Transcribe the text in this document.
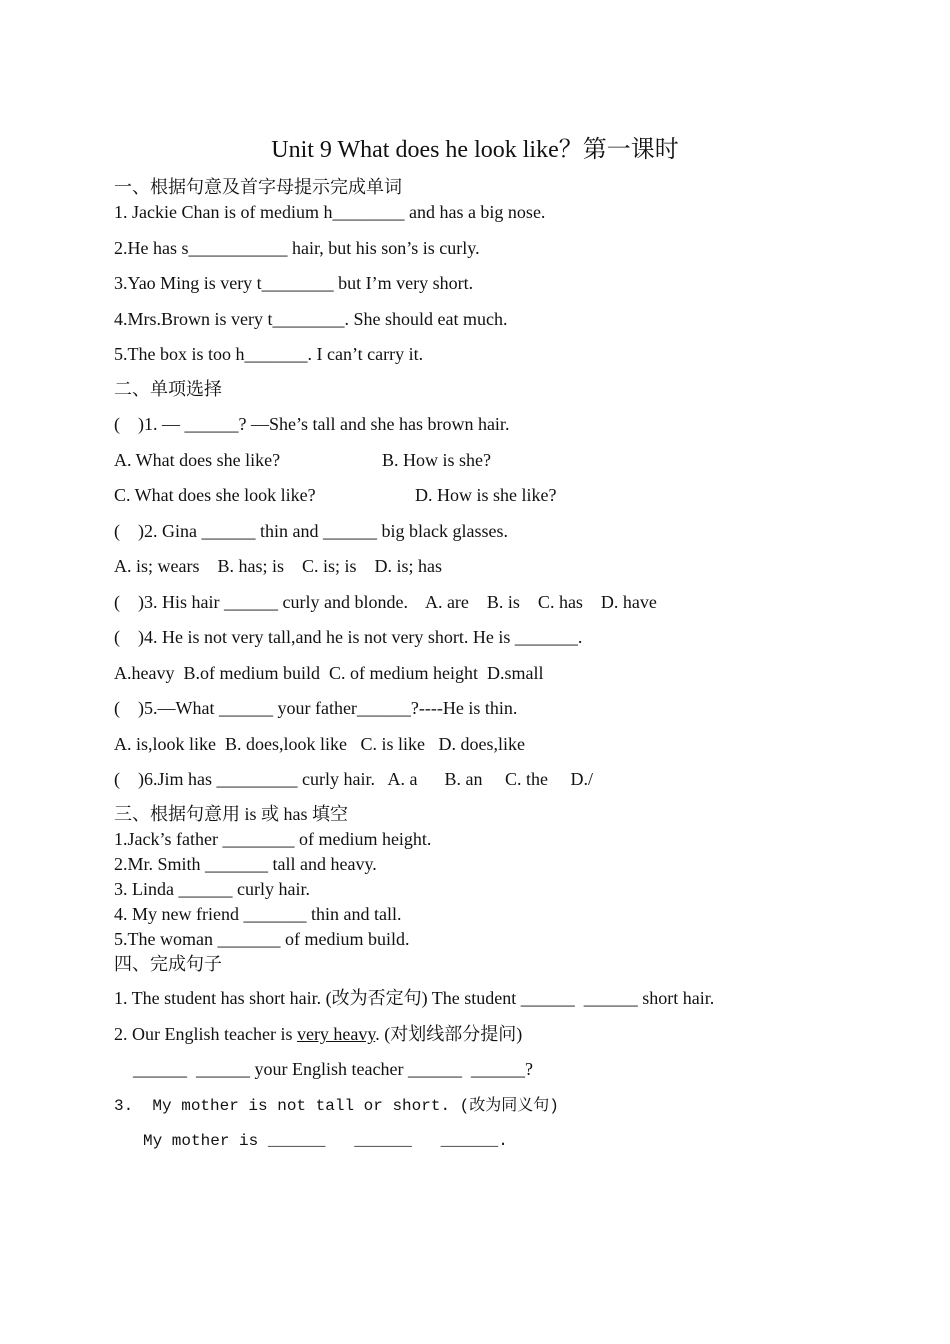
Unit 9 What does he look like？第一课时
一、根据句意及首字母提示完成单词
1. Jackie Chan is of medium h________ and has a big nose.
2.He has s___________ hair, but his son’s is curly.
3.Yao Ming is very t________ but I’m very short.
4.Mrs.Brown is very t________. She should eat much.
5.The box is too h_______. I can’t carry it.
二、单项选择
(    )1. — ______? —She’s tall and she has brown hair.
A. What does she like?	B. How is she?
C. What does she look like?	D. How is she like?
(    )2. Gina ______ thin and ______ big black glasses.
A. is; wears    B. has; is    C. is; is    D. is; has
(    )3. His hair ______ curly and blonde.    A. are    B. is    C. has    D. have
(    )4. He is not very tall,and he is not very short. He is _______.
A.heavy  B.of medium build  C. of medium height  D.small
(    )5.—What ______ your father______?----He is thin.
A. is,look like  B. does,look like   C. is like   D. does,like
(    )6.Jim has _________ curly hair.   A. a      B. an     C. the     D./
三、根据句意用 is 或 has 填空
1.Jack’s father ________ of medium height.
2.Mr. Smith _______ tall and heavy.
3. Linda ______ curly hair.
4. My new friend _______ thin and tall.
5.The woman _______ of medium build.
四、完成句子
1. The student has short hair. (改为否定句) The student ______  ______ short hair.
2. Our English teacher is very heavy. (对划线部分提问)
______  ______ your English teacher ______  ______?
3.  My mother is not tall or short. (改为同义句)
My mother is ______   ______   ______.
